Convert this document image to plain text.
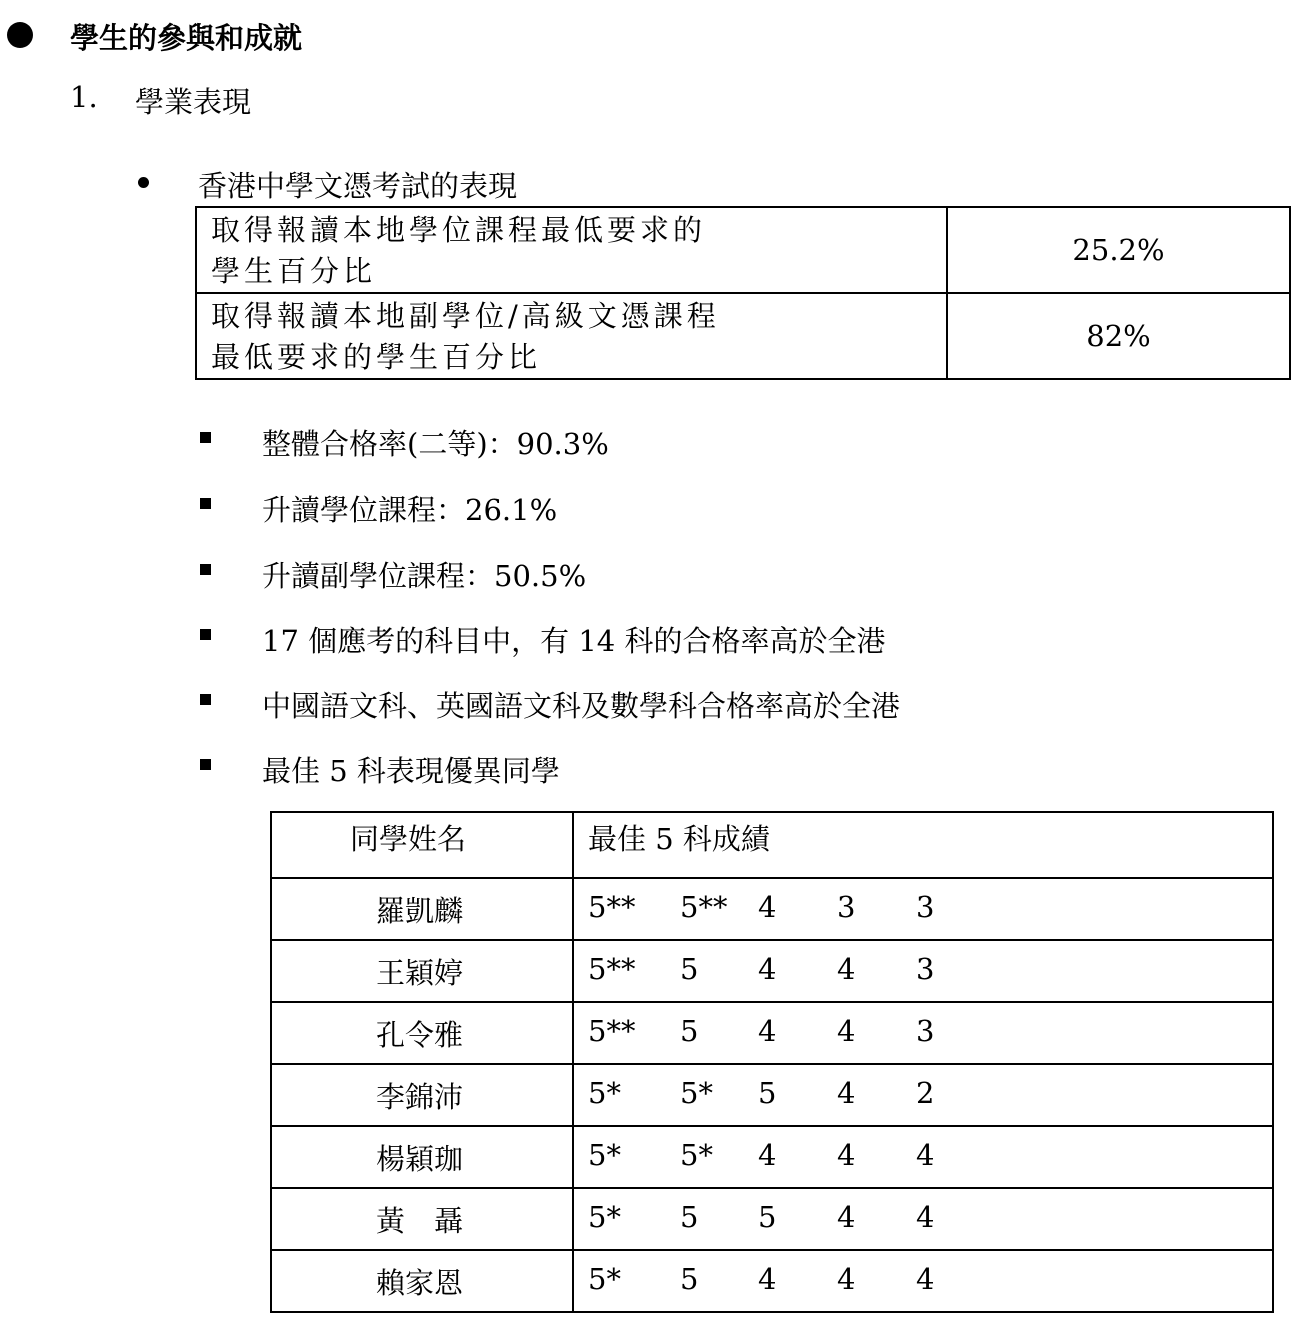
學生的參與和成就
1. 學業表現
香港中學文憑考試的表現
取得報讀本地學位課程最低要求的
學生百分比	25.2%

取得報讀本地副學位/高級文憑課程
最低要求的學生百分比	82%
整體合格率(二等)：90.3%
升讀學位課程：26.1%
升讀副學位課程：50.5%
17 個應考的科目中，有 14 科的合格率高於全港
中國語文科、英國語文科及數學科合格率高於全港
最佳 5 科表現優異同學
同學姓名	最佳 5 科成績
羅凱麟	5** 5** 4 3 3

王穎婷	5** 5 4 4 3

孔令雅	5** 5 4 4 3

李錦沛	5* 5* 5 4 2

楊穎珈	5* 5* 4 4 4

黃　聶	5* 5 5 4 4

賴家恩	5* 5 4 4 4
